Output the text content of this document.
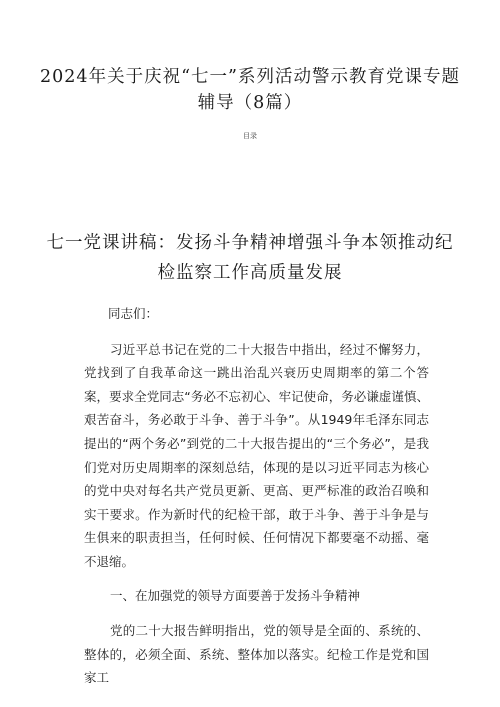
2024年关于庆祝“七一”系列活动警示教育党课专题辅导（8篇）
目录
七一党课讲稿：发扬斗争精神增强斗争本领推动纪检监察工作高质量发展

同志们：

习近平总书记在党的二十大报告中指出，经过不懈努力，党找到了自我革命这一跳出治乱兴衰历史周期率的第二个答案，要求全党同志“务必不忘初心、牢记使命，务必谦虚谨慎、艰苦奋斗，务必敢于斗争、善于斗争”。从1949年毛泽东同志提出的“两个务必”到党的二十大报告提出的“三个务必”，是我们党对历史周期率的深刻总结，体现的是以习近平同志为核心的党中央对每名共产党员更新、更高、更严标准的政治召唤和实干要求。作为新时代的纪检干部，敢于斗争、善于斗争是与生俱来的职责担当，任何时候、任何情况下都要毫不动摇、毫不退缩。

一、在加强党的领导方面要善于发扬斗争精神

党的二十大报告鲜明指出，党的领导是全面的、系统的、整体的，必须全面、系统、整体加以落实。纪检工作是党和国家工
